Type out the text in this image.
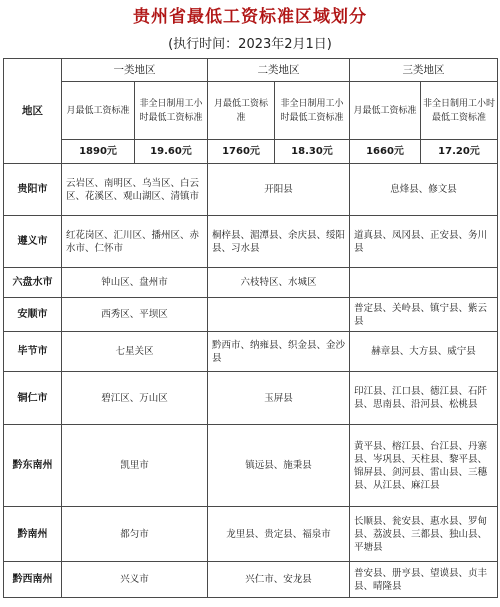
贵州省最低工资标准区域划分
(执行时间：2023年2月1日)
地区	一类地区		二类地区		三类地区	
	月最低工资标准	非全日制用工小时最低工资标准	月最低工资标准	非全日制用工小时最低工资标准	月最低工资标准	非全日制用工小时最低工资标准
	1890元	19.60元	1760元	18.30元	1660元	17.20元
贵阳市	云岩区、南明区、乌当区、白云区、花溪区、观山湖区、清镇市		开阳县		息烽县、修文县	
遵义市	红花岗区、汇川区、播州区、赤水市、仁怀市		桐梓县、湄潭县、余庆县、绥阳县、习水县		道真县、凤冈县、正安县、务川县	
六盘水市	钟山区、盘州市		六枝特区、水城区			
安顺市	西秀区、平坝区				普定县、关岭县、镇宁县、紫云县	
毕节市	七星关区		黔西市、纳雍县、织金县、金沙县		赫章县、大方县、威宁县	
铜仁市	碧江区、万山区		玉屏县		印江县、江口县、德江县、石阡县、思南县、沿河县、松桃县	
黔东南州	凯里市		镇远县、施秉县		黄平县、榕江县、台江县、丹寨县、岑巩县、天柱县、黎平县、锦屏县、剑河县、雷山县、三穗县、从江县、麻江县	
黔南州	都匀市		龙里县、贵定县、福泉市		长顺县、瓮安县、惠水县、罗甸县、荔波县、三都县、独山县、平塘县	
黔西南州	兴义市		兴仁市、安龙县		普安县、册亨县、望谟县、贞丰县、晴隆县	
